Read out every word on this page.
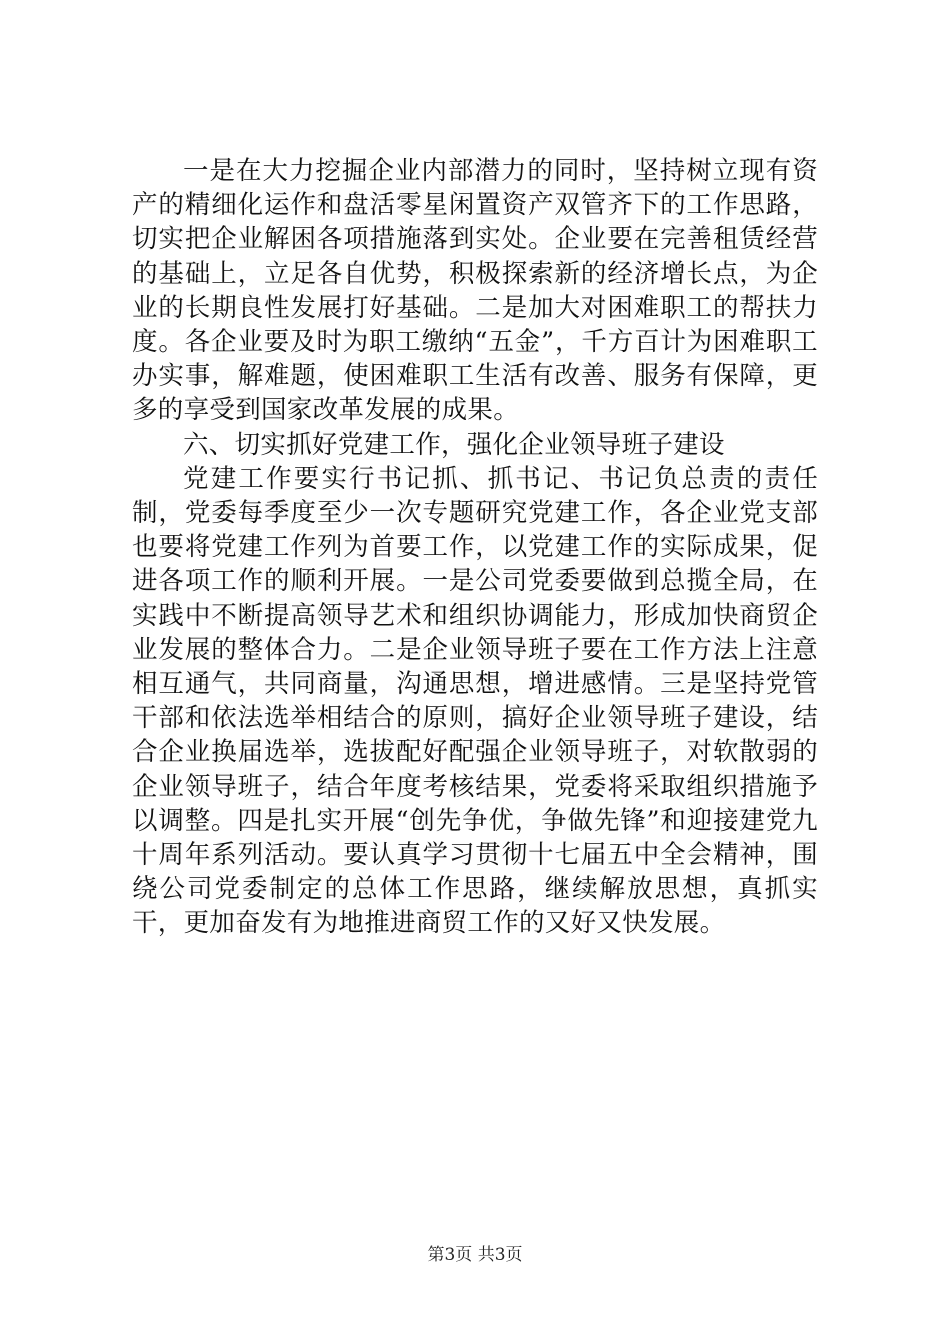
一是在大力挖掘企业内部潜力的同时，坚持树立现有资产的精细化运作和盘活零星闲置资产双管齐下的工作思路，切实把企业解困各项措施落到实处。企业要在完善租赁经营的基础上，立足各自优势，积极探索新的经济增长点，为企业的长期良性发展打好基础。二是加大对困难职工的帮扶力度。各企业要及时为职工缴纳“五金”，千方百计为困难职工办实事，解难题，使困难职工生活有改善、服务有保障，更多的享受到国家改革发展的成果。

六、切实抓好党建工作，强化企业领导班子建设

党建工作要实行书记抓、抓书记、书记负总责的责任制，党委每季度至少一次专题研究党建工作，各企业党支部也要将党建工作列为首要工作，以党建工作的实际成果，促进各项工作的顺利开展。一是公司党委要做到总揽全局，在实践中不断提高领导艺术和组织协调能力，形成加快商贸企业发展的整体合力。二是企业领导班子要在工作方法上注意相互通气，共同商量，沟通思想，增进感情。三是坚持党管干部和依法选举相结合的原则，搞好企业领导班子建设，结合企业换届选举，选拔配好配强企业领导班子，对软散弱的企业领导班子，结合年度考核结果，党委将采取组织措施予以调整。四是扎实开展“创先争优，争做先锋”和迎接建党九十周年系列活动。要认真学习贯彻十七届五中全会精神，围绕公司党委制定的总体工作思路，继续解放思想，真抓实干，更加奋发有为地推进商贸工作的又好又快发展。

第3页 共3页
